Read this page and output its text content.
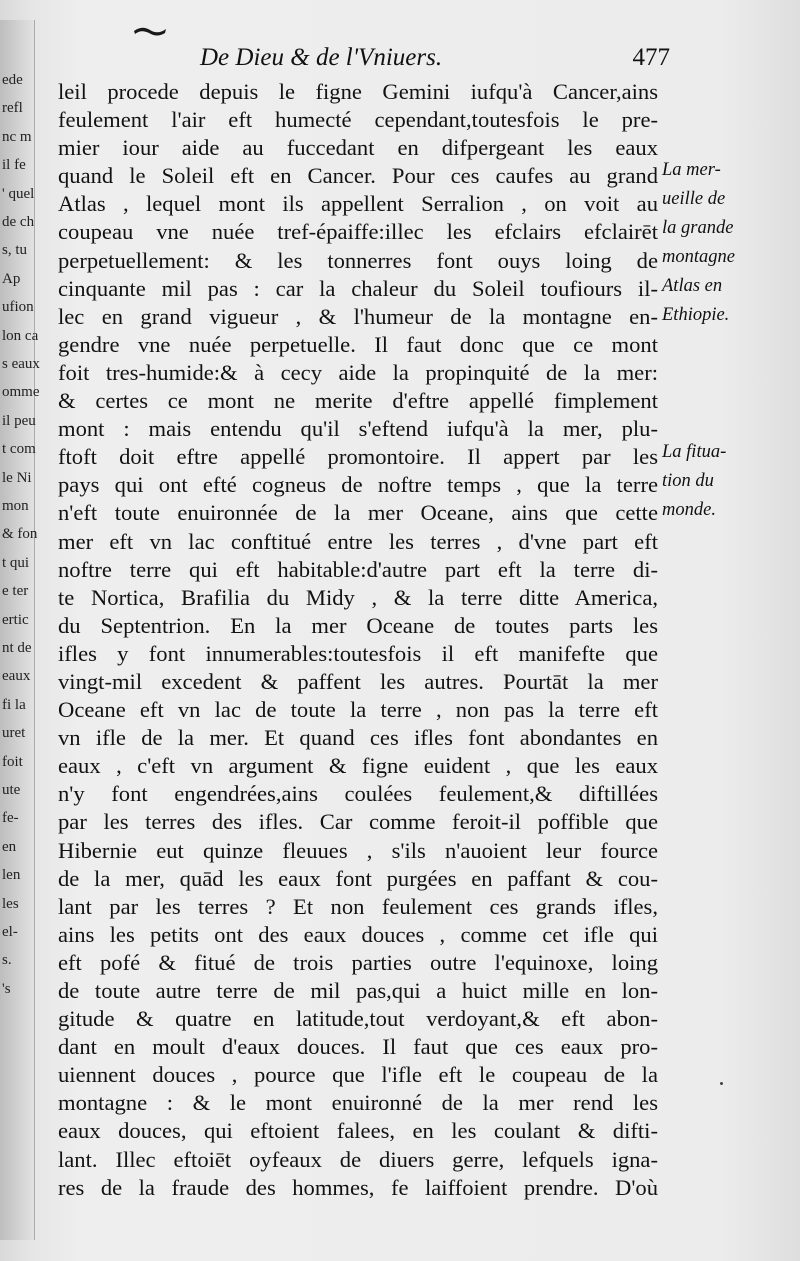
ede
refl
nc m
il fe
' quel
de ch
s, tu
Ap
ufion
lon ca
s eaux
omme
il peu
t com
le Ni
mon
& fon
t qui
e ter
ertic
nt de
eaux
fi la
uret
foit
ute
fe-
en
len
les
el-
s.
's
De Dieu & de l'Vniuers.	477
leil procede depuis le figne Gemini iufqu'à Cancer,ains
feulement l'air eft humecté cependant,toutesfois le pre-
mier iour aide au fuccedant en difpergeant les eaux
quand le Soleil eft en Cancer. Pour ces caufes au grand
Atlas , lequel mont ils appellent Serralion , on voit au
coupeau vne nuée tref-épaiffe:illec les efclairs efclairēt
perpetuellement: & les tonnerres font ouys loing de
cinquante mil pas : car la chaleur du Soleil toufiours il-
lec en grand vigueur , & l'humeur de la montagne en-
gendre vne nuée perpetuelle. Il faut donc que ce mont
foit tres-humide:& à cecy aide la propinquité de la mer:
& certes ce mont ne merite d'eftre appellé fimplement
mont : mais entendu qu'il s'eftend iufqu'à la mer, plu-
ftoft doit eftre appellé promontoire. Il appert par les
pays qui ont efté cogneus de noftre temps , que la terre
n'eft toute enuironnée de la mer Oceane, ains que cette
mer eft vn lac conftitué entre les terres , d'vne part eft
noftre terre qui eft habitable:d'autre part eft la terre di-
te Nortica, Brafilia du Midy , & la terre ditte America,
du Septentrion. En la mer Oceane de toutes parts les
ifles y font innumerables:toutesfois il eft manifefte que
vingt-mil excedent & paffent les autres. Pourtāt la mer
Oceane eft vn lac de toute la terre , non pas la terre eft
vn ifle de la mer. Et quand ces ifles font abondantes en
eaux , c'eft vn argument & figne euident , que les eaux
n'y font engendrées,ains coulées feulement,& diftillées
par les terres des ifles. Car comme feroit-il poffible que
Hibernie eut quinze fleuues , s'ils n'auoient leur fource
de la mer, quād les eaux font purgées en paffant & cou-
lant par les terres ? Et non feulement ces grands ifles,
ains les petits ont des eaux douces , comme cet ifle qui
eft pofé & fitué de trois parties outre l'equinoxe, loing
de toute autre terre de mil pas,qui a huict mille en lon-
gitude & quatre en latitude,tout verdoyant,& eft abon-
dant en moult d'eaux douces. Il faut que ces eaux pro-
uiennent douces , pource que l'ifle eft le coupeau de la
montagne : & le mont enuironné de la mer rend les
eaux douces, qui eftoient falees, en les coulant & difti-
lant. Illec eftoiēt oyfeaux de diuers gerre, lefquels igna-
res de la fraude des hommes, fe laiffoient prendre. D'où
La mer-
ueille de
la grande
montagne
Atlas en
Ethiopie.
La fitua-
tion du
monde.
